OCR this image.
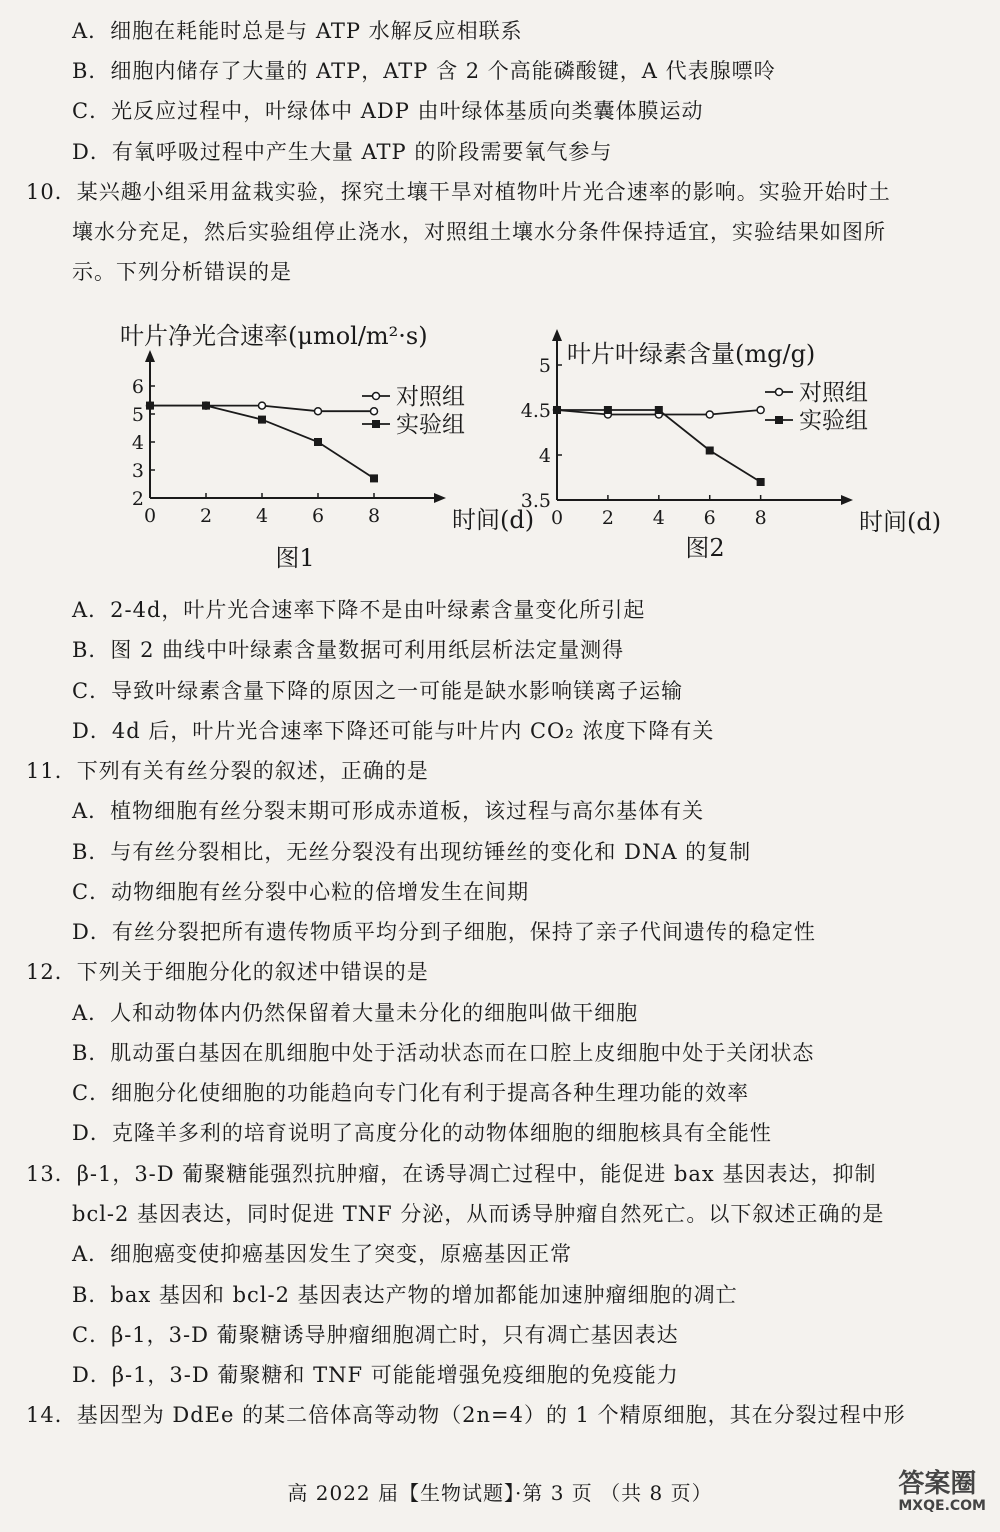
A．细胞在耗能时总是与 ATP 水解反应相联系
B．细胞内储存了大量的 ATP，ATP 含 2 个高能磷酸键，A 代表腺嘌呤
C．光反应过程中，叶绿体中 ADP 由叶绿体基质向类囊体膜运动
D．有氧呼吸过程中产生大量 ATP 的阶段需要氧气参与
10．某兴趣小组采用盆栽实验，探究土壤干旱对植物叶片光合速率的影响。实验开始时土
壤水分充足，然后实验组停止浇水，对照组土壤水分条件保持适宜，实验结果如图所
示。下列分析错误的是
叶片净光合速率(μmol/m²·s)
2
3
4
5
6
0 2 4 6 8	时间(d)
图1
对照组
实验组
叶片叶绿素含量(mg/g)
3.5
4
4.5
5
0 2 4 6 8	时间(d)
图2
对照组
实验组
A．2-4d，叶片光合速率下降不是由叶绿素含量变化所引起
B．图 2 曲线中叶绿素含量数据可利用纸层析法定量测得
C．导致叶绿素含量下降的原因之一可能是缺水影响镁离子运输
D．4d 后，叶片光合速率下降还可能与叶片内 CO₂ 浓度下降有关
11．下列有关有丝分裂的叙述，正确的是
A．植物细胞有丝分裂末期可形成赤道板，该过程与高尔基体有关
B．与有丝分裂相比，无丝分裂没有出现纺锤丝的变化和 DNA 的复制
C．动物细胞有丝分裂中心粒的倍增发生在间期
D．有丝分裂把所有遗传物质平均分到子细胞，保持了亲子代间遗传的稳定性
12．下列关于细胞分化的叙述中错误的是
A．人和动物体内仍然保留着大量未分化的细胞叫做干细胞
B．肌动蛋白基因在肌细胞中处于活动状态而在口腔上皮细胞中处于关闭状态
C．细胞分化使细胞的功能趋向专门化有利于提高各种生理功能的效率
D．克隆羊多利的培育说明了高度分化的动物体细胞的细胞核具有全能性
13．β-1，3-D 葡聚糖能强烈抗肿瘤，在诱导凋亡过程中，能促进 bax 基因表达，抑制
bcl-2 基因表达，同时促进 TNF 分泌，从而诱导肿瘤自然死亡。以下叙述正确的是
A．细胞癌变使抑癌基因发生了突变，原癌基因正常
B．bax 基因和 bcl-2 基因表达产物的增加都能加速肿瘤细胞的凋亡
C．β-1，3-D 葡聚糖诱导肿瘤细胞凋亡时，只有凋亡基因表达
D．β-1，3-D 葡聚糖和 TNF 可能能增强免疫细胞的免疫能力
14．基因型为 DdEe 的某二倍体高等动物（2n=4）的 1 个精原细胞，其在分裂过程中形
高 2022 届【生物试题】·第 3 页 （共 8 页）	答案圈
MXQE.COM
